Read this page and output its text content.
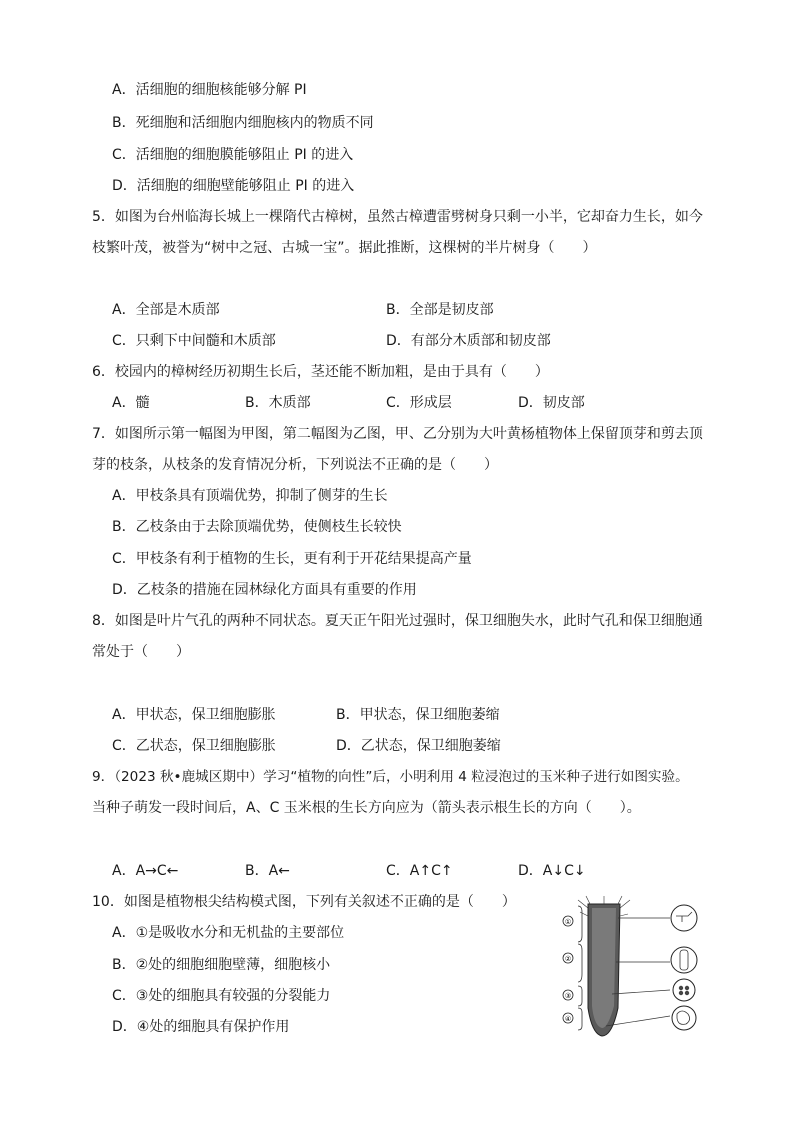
A．活细胞的细胞核能够分解 PI
B．死细胞和活细胞内细胞核内的物质不同
C．活细胞的细胞膜能够阻止 PI 的进入
D．活细胞的细胞壁能够阻止 PI 的进入
5．如图为台州临海长城上一棵隋代古樟树，虽然古樟遭雷劈树身只剩一小半，它却奋力生长，如今
枝繁叶茂，被誉为“树中之冠、古城一宝”。据此推断，这棵树的半片树身（　　）
A．全部是木质部	B．全部是韧皮部
C．只剩下中间髓和木质部	D．有部分木质部和韧皮部
6．校园内的樟树经历初期生长后，茎还能不断加粗，是由于具有（　　）
A．髓	B．木质部	C．形成层	D．韧皮部
7．如图所示第一幅图为甲图，第二幅图为乙图，甲、乙分别为大叶黄杨植物体上保留顶芽和剪去顶
芽的枝条，从枝条的发育情况分析，下列说法不正确的是（　　）
A．甲枝条具有顶端优势，抑制了侧芽的生长
B．乙枝条由于去除顶端优势，使侧枝生长较快
C．甲枝条有利于植物的生长，更有利于开花结果提高产量
D．乙枝条的措施在园林绿化方面具有重要的作用
8．如图是叶片气孔的两种不同状态。夏天正午阳光过强时，保卫细胞失水，此时气孔和保卫细胞通
常处于（　　）
A．甲状态，保卫细胞膨胀	B．甲状态，保卫细胞萎缩
C．乙状态，保卫细胞膨胀	D．乙状态，保卫细胞萎缩
9．（2023 秋•鹿城区期中）学习“植物的向性”后，小明利用 4 粒浸泡过的玉米种子进行如图实验。
当种子萌发一段时间后，A、C 玉米根的生长方向应为（箭头表示根生长的方向（　　）。
A．A→C←	B．A←	C．A↑C↑	D．A↓C↓
10．如图是植物根尖结构模式图，下列有关叙述不正确的是（　　）
A．①是吸收水分和无机盐的主要部位
B．②处的细胞细胞壁薄，细胞核小
C．③处的细胞具有较强的分裂能力
D．④处的细胞具有保护作用
①
②
③
④
